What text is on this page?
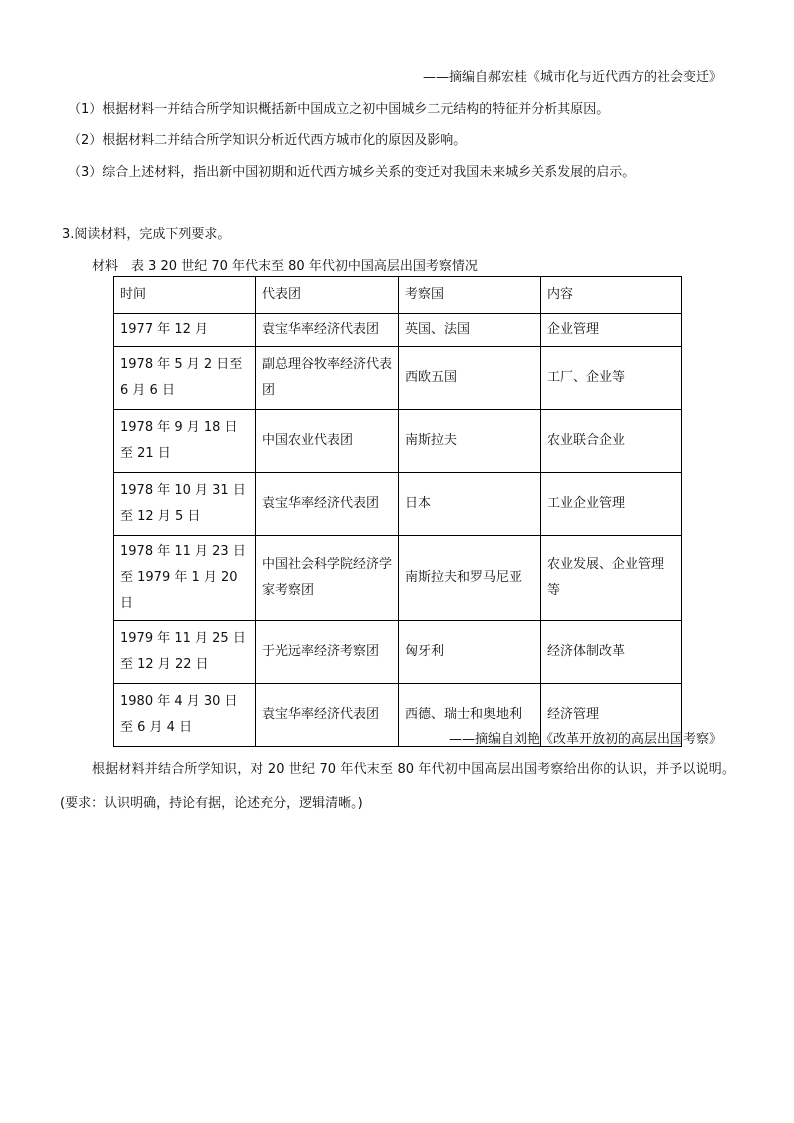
——摘编自郝宏桂《城市化与近代西方的社会变迁》
（1）根据材料一并结合所学知识概括新中国成立之初中国城乡二元结构的特征并分析其原因。
（2）根据材料二并结合所学知识分析近代西方城市化的原因及影响。
（3）综合上述材料，指出新中国初期和近代西方城乡关系的变迁对我国未来城乡关系发展的启示。
3.阅读材料，完成下列要求。
材料　表 3 20 世纪 70 年代末至 80 年代初中国高层出国考察情况
时间	代表团	考察国	内容
1977 年 12 月	袁宝华率经济代表团	英国、法国	企业管理
1978 年 5 月 2 日至 6 月 6 日	副总理谷牧率经济代表团	西欧五国	工厂、企业等
1978 年 9 月 18 日至 21 日	中国农业代表团	南斯拉夫	农业联合企业
1978 年 10 月 31 日至 12 月 5 日	袁宝华率经济代表团	日本	工业企业管理
1978 年 11 月 23 日至 1979 年 1 月 20 日	中国社会科学院经济学家考察团	南斯拉夫和罗马尼亚	农业发展、企业管理等
1979 年 11 月 25 日至 12 月 22 日	于光远率经济考察团	匈牙利	经济体制改革
1980 年 4 月 30 日至 6 月 4 日	袁宝华率经济代表团	西德、瑞士和奥地利	经济管理
——摘编自刘艳《改革开放初的高层出国考察》
根据材料并结合所学知识，对 20 世纪 70 年代末至 80 年代初中国高层出国考察给出你的认识，并予以说明。(要求：认识明确，持论有据，论述充分，逻辑清晰。)
